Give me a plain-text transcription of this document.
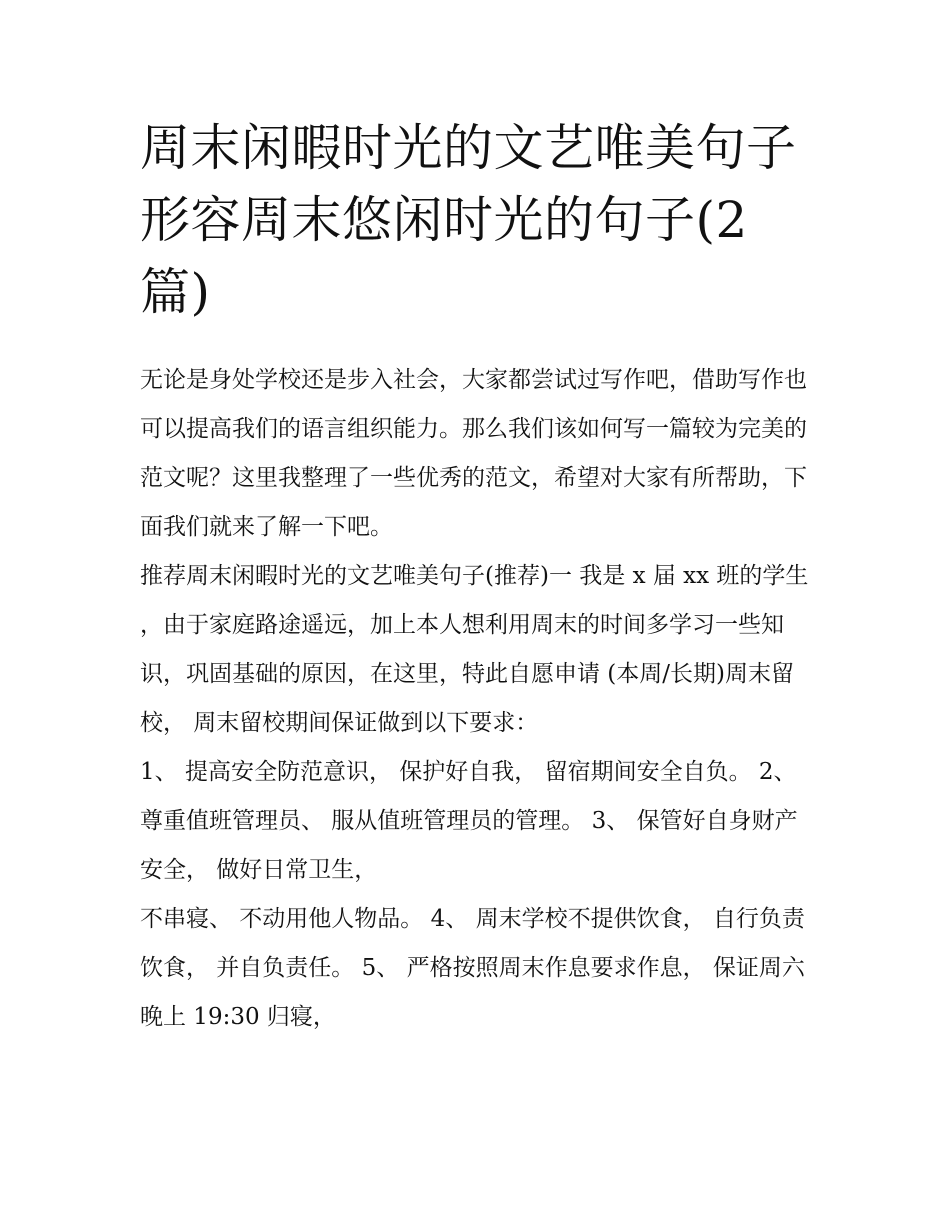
周末闲暇时光的文艺唯美句子
形容周末悠闲时光的句子(2
篇)

无论是身处学校还是步入社会，大家都尝试过写作吧，借助写作也可以提高我们的语言组织能力。那么我们该如何写一篇较为完美的范文呢？这里我整理了一些优秀的范文，希望对大家有所帮助，下面我们就来了解一下吧。

推荐周末闲暇时光的文艺唯美句子(推荐)一 我是 x 届 xx 班的学生

，由于家庭路途遥远，加上本人想利用周末的时间多学习一些知识，巩固基础的原因，在这里，特此自愿申请 (本周/长期)周末留校， 周末留校期间保证做到以下要求：

1、 提高安全防范意识， 保护好自我， 留宿期间安全自负。 2、 尊重值班管理员、 服从值班管理员的管理。 3、 保管好自身财产安全， 做好日常卫生，

不串寝、 不动用他人物品。 4、 周末学校不提供饮食， 自行负责饮食， 并自负责任。 5、 严格按照周末作息要求作息， 保证周六晚上 19:30 归寝，
